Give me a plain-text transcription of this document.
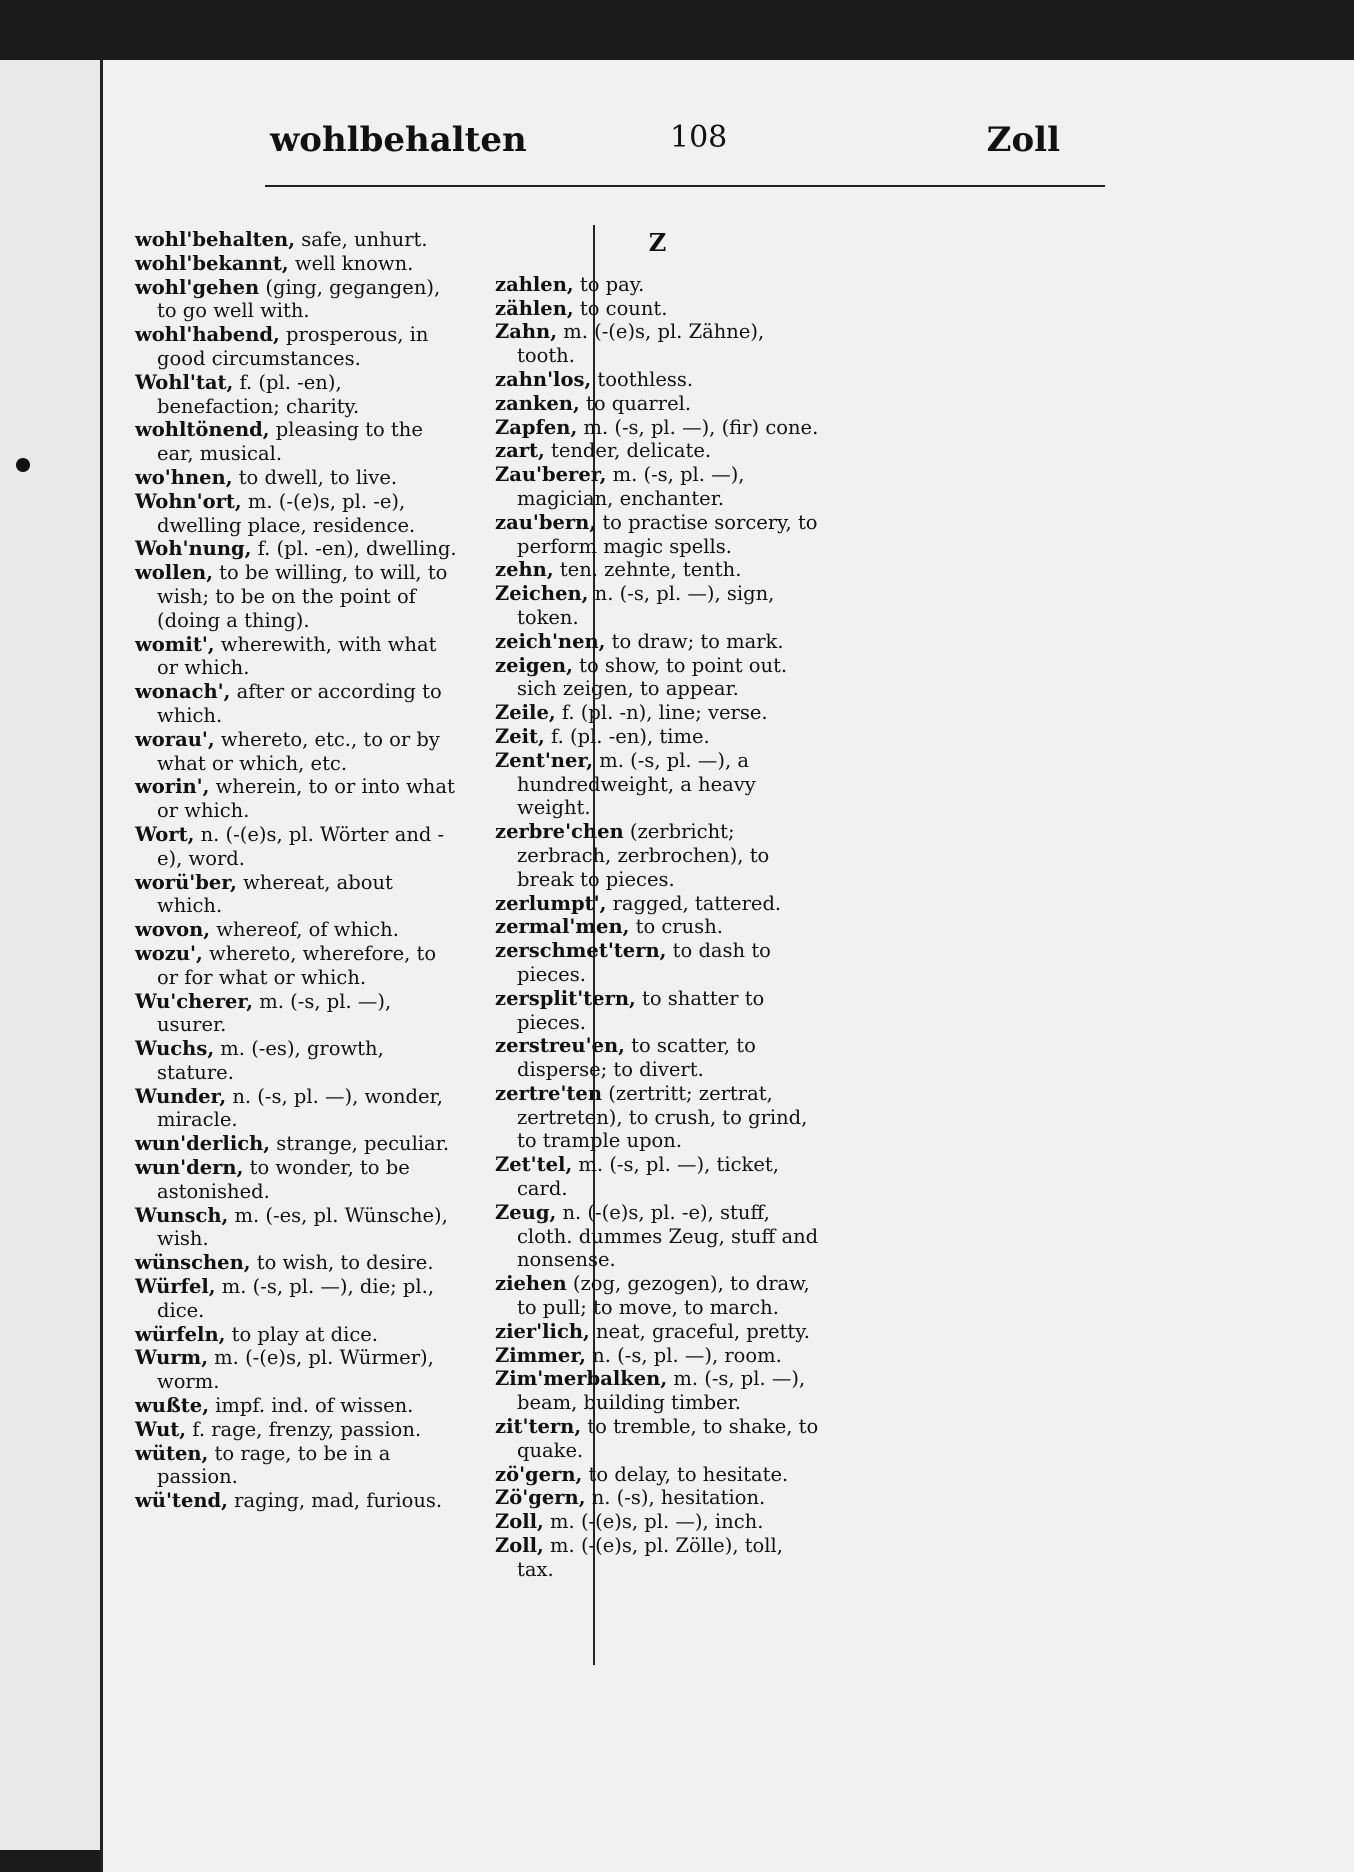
wohlbehalten	108	Zoll

wohl'behalten, safe, unhurt.

wohl'bekannt, well known.

wohl'gehen (ging, gegangen), to go well with.

wohl'habend, prosperous, in good circumstances.

Wohl'tat, f. (pl. -en), benefaction; charity.

wohltönend, pleasing to the ear, musical.

wo'hnen, to dwell, to live.

Wohn'ort, m. (-(e)s, pl. -e), dwelling place, residence.

Woh'nung, f. (pl. -en), dwelling.

wollen, to be willing, to will, to wish; to be on the point of (doing a thing).

womit', wherewith, with what or which.

wonach', after or according to which.

worau', whereto, etc., to or by what or which, etc.

worin', wherein, to or into what or which.

Wort, n. (-(e)s, pl. Wörter and -e), word.

worü'ber, whereat, about which.

wovon, whereof, of which.

wozu', whereto, wherefore, to or for what or which.

Wu'cherer, m. (-s, pl. —), usurer.

Wuchs, m. (-es), growth, stature.

Wunder, n. (-s, pl. —), wonder, miracle.

wun'derlich, strange, peculiar.

wun'dern, to wonder, to be astonished.

Wunsch, m. (-es, pl. Wünsche), wish.

wünschen, to wish, to desire.

Würfel, m. (-s, pl. —), die; pl., dice.

würfeln, to play at dice.

Wurm, m. (-(e)s, pl. Würmer), worm.

wußte, impf. ind. of wissen.

Wut, f. rage, frenzy, passion.

wüten, to rage, to be in a passion.

wü'tend, raging, mad, furious.

Z

zahlen, to pay.

zählen, to count.

Zahn, m. (-(e)s, pl. Zähne), tooth.

zahn'los, toothless.

zanken, to quarrel.

Zapfen, m. (-s, pl. —), (fir) cone.

zart, tender, delicate.

Zau'berer, m. (-s, pl. —), magician, enchanter.

zau'bern, to practise sorcery, to perform magic spells.

zehn, ten. zehnte, tenth.

Zeichen, n. (-s, pl. —), sign, token.

zeich'nen, to draw; to mark.

zeigen, to show, to point out. sich zeigen, to appear.

Zeile, f. (pl. -n), line; verse.

Zeit, f. (pl. -en), time.

Zent'ner, m. (-s, pl. —), a hundredweight, a heavy weight.

zerbre'chen (zerbricht; zerbrach, zerbrochen), to break to pieces.

zerlumpt', ragged, tattered.

zermal'men, to crush.

zerschmet'tern, to dash to pieces.

zersplit'tern, to shatter to pieces.

zerstreu'en, to scatter, to disperse; to divert.

zertre'ten (zertritt; zertrat, zertreten), to crush, to grind, to trample upon.

Zet'tel, m. (-s, pl. —), ticket, card.

Zeug, n. (-(e)s, pl. -e), stuff, cloth. dummes Zeug, stuff and nonsense.

ziehen (zog, gezogen), to draw, to pull; to move, to march.

zier'lich, neat, graceful, pretty.

Zimmer, n. (-s, pl. —), room.

Zim'merbalken, m. (-s, pl. —), beam, building timber.

zit'tern, to tremble, to shake, to quake.

zö'gern, to delay, to hesitate.

Zö'gern, n. (-s), hesitation.

Zoll, m. (-(e)s, pl. —), inch.

Zoll, m. (-(e)s, pl. Zölle), toll, tax.
